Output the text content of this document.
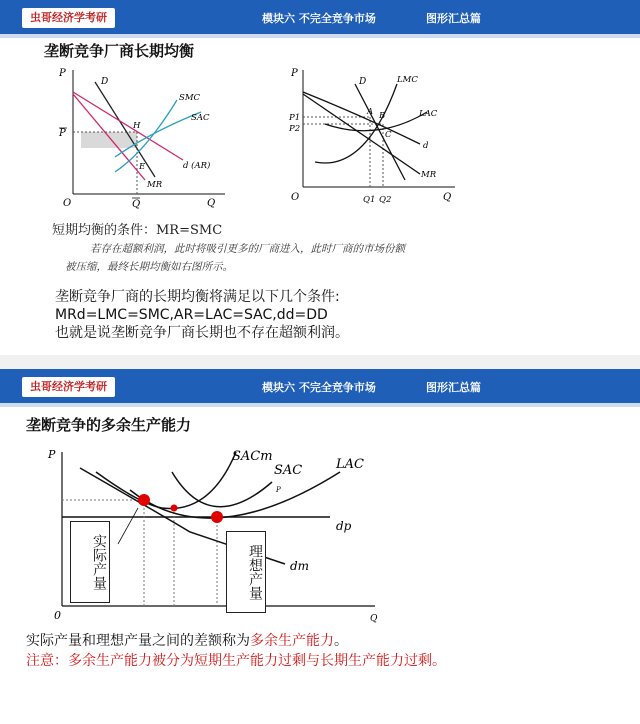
虫哥经济学考研	模块六 不完全竞争市场	图形汇总篇
垄断竞争厂商长期均衡
P
O	Q
P
Q
D
SMC
SAC
H
E	d (AR)
MR
P
O	Q
P1
P2
Q1 Q2
D	LMC
LAC
A B
C
d
MR
短期均衡的条件：MR=SMC
若存在超额利润，此时将吸引更多的厂商进入，此时厂商的市场份额
被压缩，最终长期均衡如右图所示。
垄断竞争厂商的长期均衡将满足以下几个条件:
MRd=LMC=SMC,AR=LAC=SAC,dd=DD
也就是说垄断竞争厂商长期也不存在超额利润。
虫哥经济学考研	模块六 不完全竞争市场	图形汇总篇
垄断竞争的多余生产能力
P
0	Q
SACm
SAC
P
LAC
dp
dm
实际产量	理想产量
实际产量和理想产量之间的差额称为多余生产能力。
注意：多余生产能力被分为短期生产能力过剩与长期生产能力过剩。
